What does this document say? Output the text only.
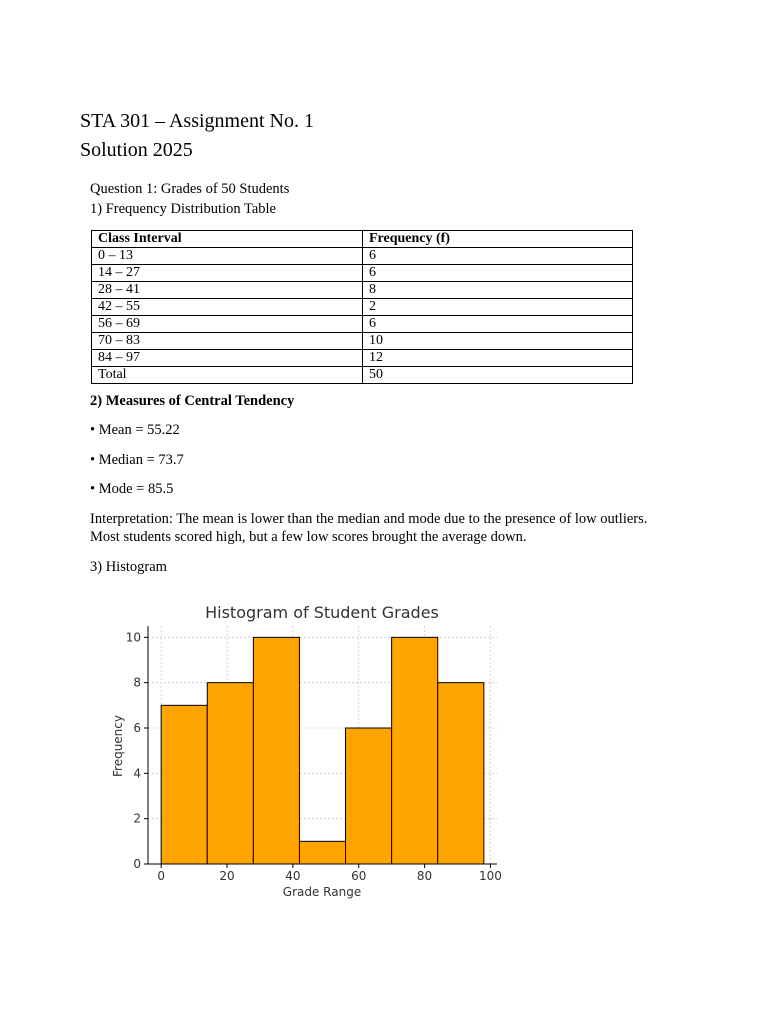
STA 301 – Assignment No. 1
Solution 2025
Question 1: Grades of 50 Students
1) Frequency Distribution Table
Class Interval	Frequency (f)
0 – 13	6
14 – 27	6
28 – 41	8
42 – 55	2
56 – 69	6
70 – 83	10
84 – 97	12
Total	50
2) Measures of Central Tendency
• Mean = 55.22
• Median = 73.7
• Mode = 85.5
Interpretation: The mean is lower than the median and mode due to the presence of low outliers. Most students scored high, but a few low scores brought the average down.
3) Histogram
0	20	40	60	80	100
0
2
4
6
8
10
Histogram of Student Grades
Grade Range
Frequency
